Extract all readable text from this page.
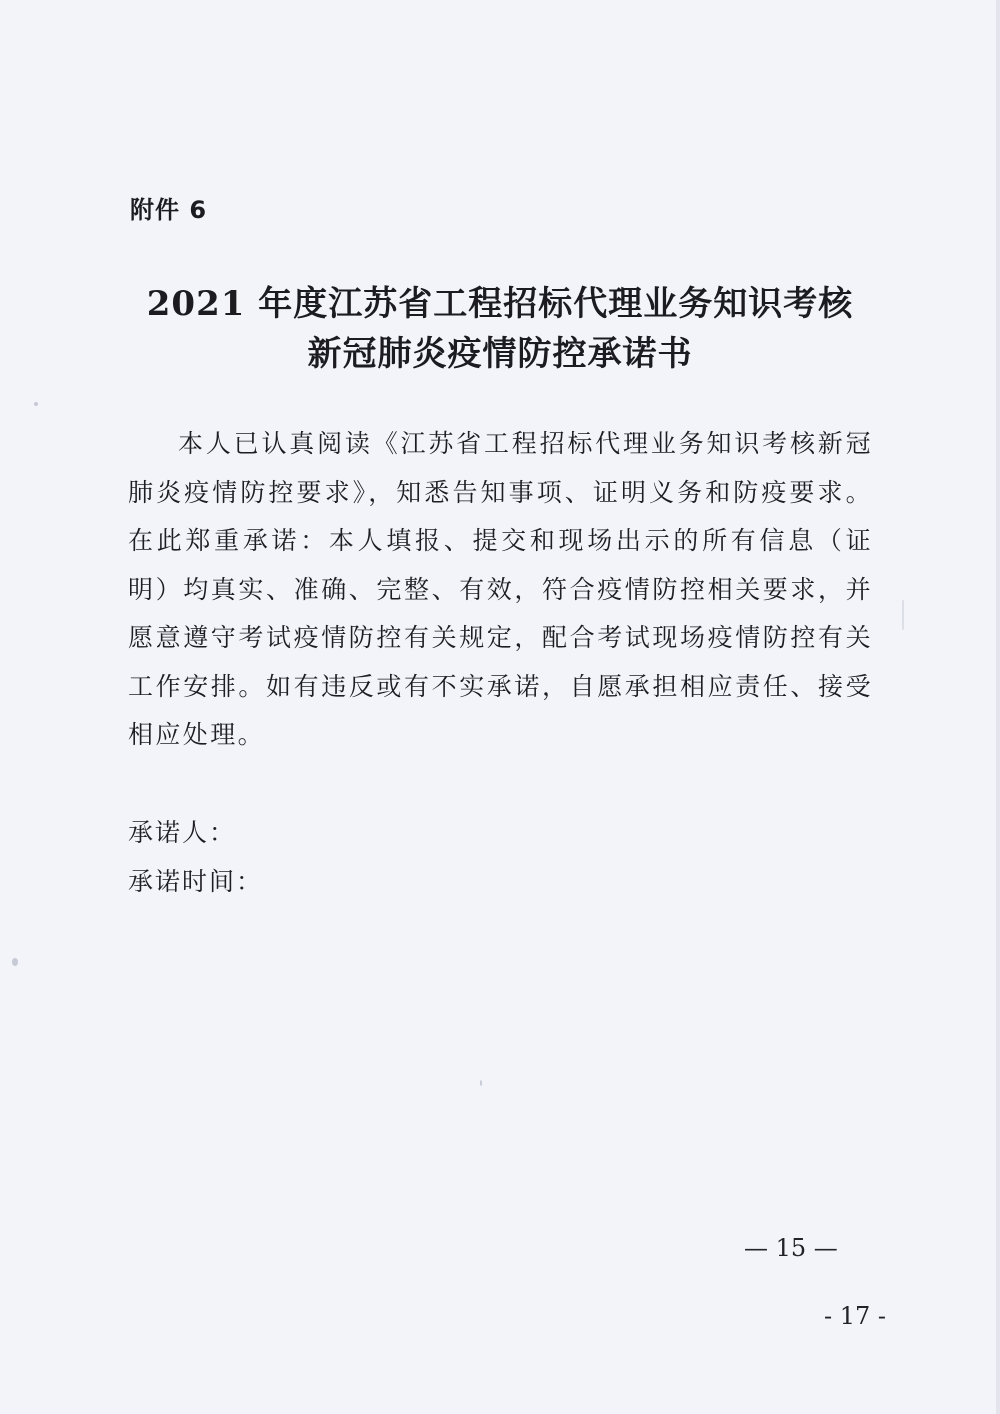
附件 6
2021 年度江苏省工程招标代理业务知识考核
新冠肺炎疫情防控承诺书

本人已认真阅读《江苏省工程招标代理业务知识考核新冠肺炎疫情防控要求》，知悉告知事项、证明义务和防疫要求。在此郑重承诺：本人填报、提交和现场出示的所有信息（证明）均真实、准确、完整、有效，符合疫情防控相关要求，并愿意遵守考试疫情防控有关规定，配合考试现场疫情防控有关工作安排。如有违反或有不实承诺，自愿承担相应责任、接受相应处理。

承诺人：
承诺时间：
— 15 —
- 17 -
